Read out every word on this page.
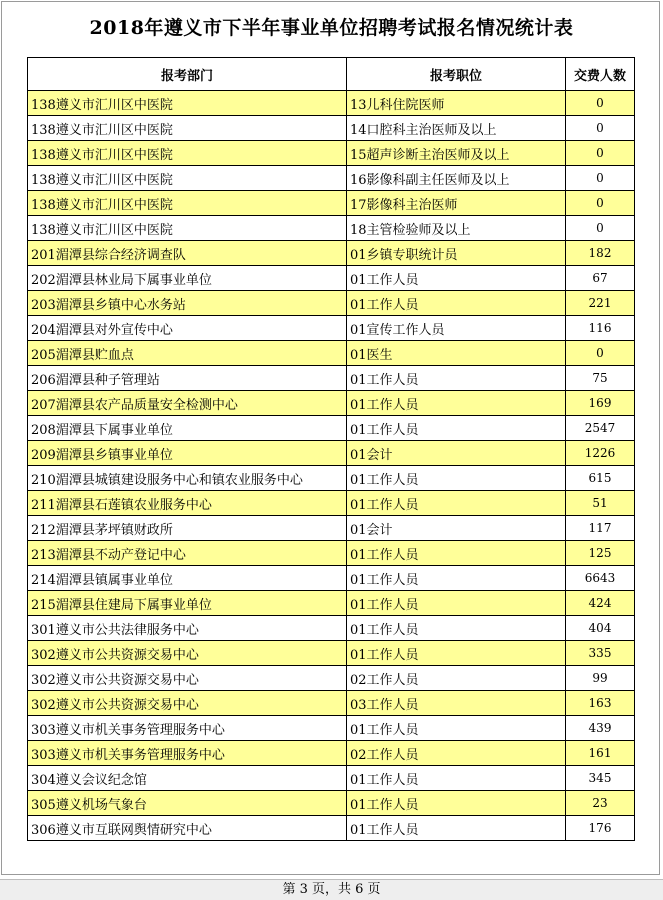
2018年遵义市下半年事业单位招聘考试报名情况统计表
报考部门	报考职位	交费人数
138遵义市汇川区中医院	13儿科住院医师	0
138遵义市汇川区中医院	14口腔科主治医师及以上	0
138遵义市汇川区中医院	15超声诊断主治医师及以上	0
138遵义市汇川区中医院	16影像科副主任医师及以上	0
138遵义市汇川区中医院	17影像科主治医师	0
138遵义市汇川区中医院	18主管检验师及以上	0
201湄潭县综合经济调查队	01乡镇专职统计员	182
202湄潭县林业局下属事业单位	01工作人员	67
203湄潭县乡镇中心水务站	01工作人员	221
204湄潭县对外宣传中心	01宣传工作人员	116
205湄潭县贮血点	01医生	0
206湄潭县种子管理站	01工作人员	75
207湄潭县农产品质量安全检测中心	01工作人员	169
208湄潭县下属事业单位	01工作人员	2547
209湄潭县乡镇事业单位	01会计	1226
210湄潭县城镇建设服务中心和镇农业服务中心	01工作人员	615
211湄潭县石莲镇农业服务中心	01工作人员	51
212湄潭县茅坪镇财政所	01会计	117
213湄潭县不动产登记中心	01工作人员	125
214湄潭县镇属事业单位	01工作人员	6643
215湄潭县住建局下属事业单位	01工作人员	424
301遵义市公共法律服务中心	01工作人员	404
302遵义市公共资源交易中心	01工作人员	335
302遵义市公共资源交易中心	02工作人员	99
302遵义市公共资源交易中心	03工作人员	163
303遵义市机关事务管理服务中心	01工作人员	439
303遵义市机关事务管理服务中心	02工作人员	161
304遵义会议纪念馆	01工作人员	345
305遵义机场气象台	01工作人员	23
306遵义市互联网舆情研究中心	01工作人员	176
第 3 页，共 6 页
